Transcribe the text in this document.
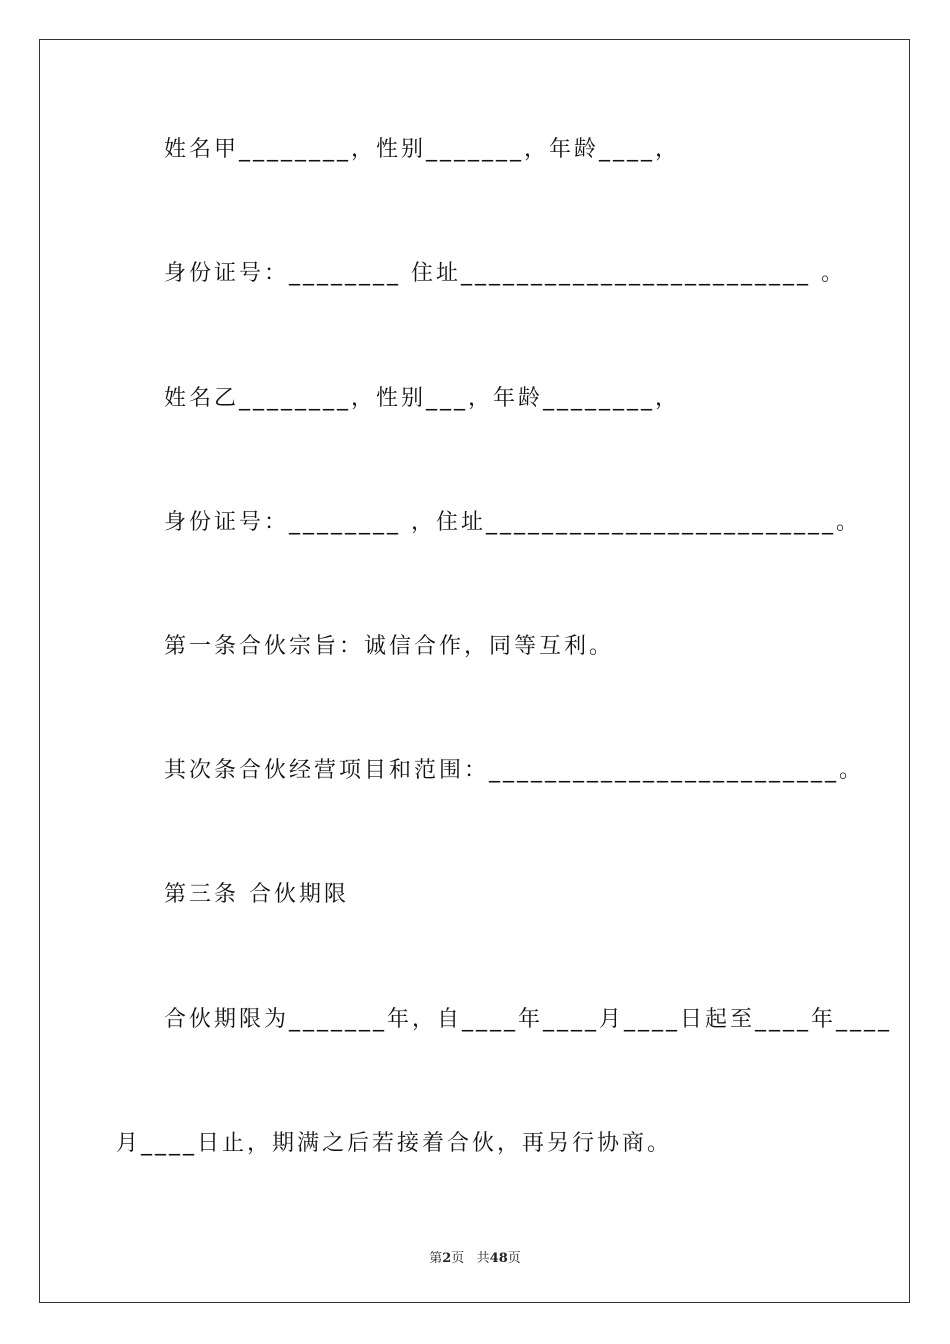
姓名甲________，性别_______，年龄____，
身份证号：________ 住址_________________________ 。
姓名乙________，性别___，年龄________，
身份证号：________ ，住址_________________________。
第一条合伙宗旨：诚信合作，同等互利。
其次条合伙经营项目和范围：_________________________。
第三条 合伙期限
合伙期限为_______年，自____年____月____日起至____年____
月____日止，期满之后若接着合伙，再另行协商。
第2页 共48页
